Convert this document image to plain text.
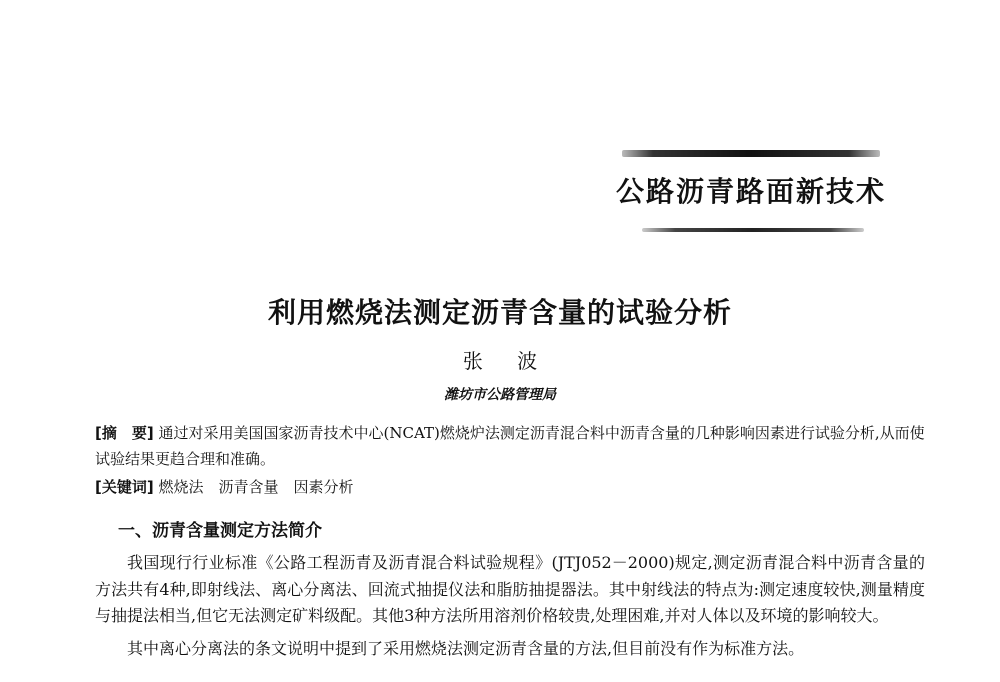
公路沥青路面新技术
利用燃烧法测定沥青含量的试验分析
张 波
潍坊市公路管理局
[摘　要] 通过对采用美国国家沥青技术中心(NCAT)燃烧炉法测定沥青混合料中沥青含量的几种影响因素进行试验分析,从而使试验结果更趋合理和准确。
[关键词] 燃烧法　沥青含量　因素分析
一、沥青含量测定方法简介

我国现行行业标准《公路工程沥青及沥青混合料试验规程》(JTJ052－2000)规定,测定沥青混合料中沥青含量的方法共有4种,即射线法、离心分离法、回流式抽提仪法和脂肪抽提器法。其中射线法的特点为:测定速度较快,测量精度与抽提法相当,但它无法测定矿料级配。其他3种方法所用溶剂价格较贵,处理困难,并对人体以及环境的影响较大。

其中离心分离法的条文说明中提到了采用燃烧法测定沥青含量的方法,但目前没有作为标准方法。
